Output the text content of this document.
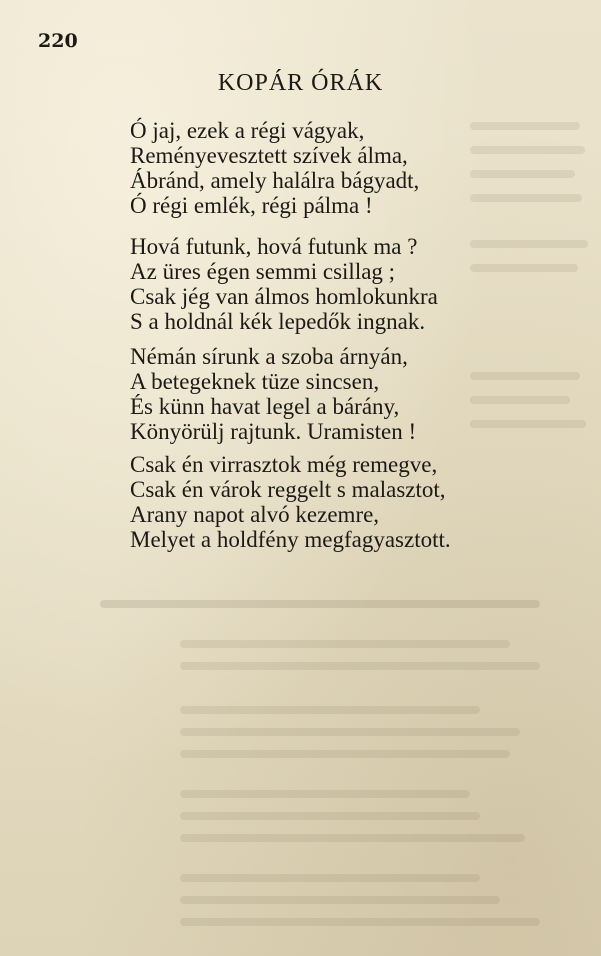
220
KOPÁR ÓRÁK
Ó jaj, ezek a régi vágyak,
Reményevesztett szívek álma,
Ábránd, amely halálra bágyadt,
Ó régi emlék, régi pálma !
Hová futunk, hová futunk ma ?
Az üres égen semmi csillag ;
Csak jég van álmos homlokunkra
S a holdnál kék lepedők ingnak.
Némán sírunk a szoba árnyán,
A betegeknek tüze sincsen,
És künn havat legel a bárány,
Könyörülj rajtunk. Uramisten !
Csak én virrasztok még remegve,
Csak én várok reggelt s malasztot,
Arany napot alvó kezemre,
Melyet a holdfény megfagyasztott.
